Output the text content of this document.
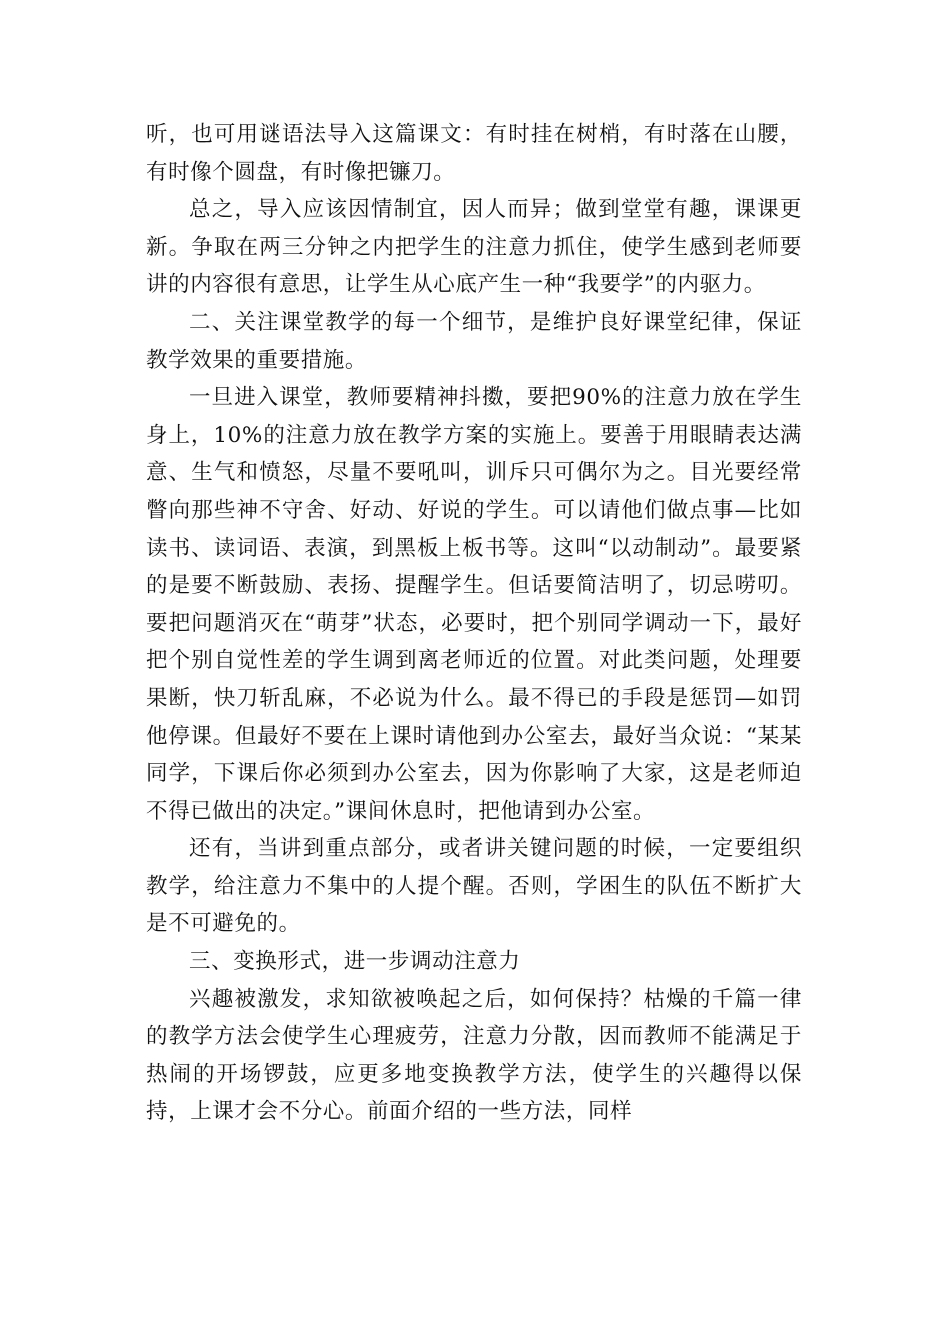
听，也可用谜语法导入这篇课文：有时挂在树梢，有时落在山腰，有时像个圆盘，有时像把镰刀。

总之，导入应该因情制宜，因人而异；做到堂堂有趣，课课更新。争取在两三分钟之内把学生的注意力抓住，使学生感到老师要讲的内容很有意思，让学生从心底产生一种“我要学”的内驱力。

二、关注课堂教学的每一个细节，是维护良好课堂纪律，保证教学效果的重要措施。

一旦进入课堂，教师要精神抖擞，要把90%的注意力放在学生身上，10%的注意力放在教学方案的实施上。要善于用眼睛表达满意、生气和愤怒，尽量不要吼叫，训斥只可偶尔为之。目光要经常瞥向那些神不守舍、好动、好说的学生。可以请他们做点事—比如读书、读词语、表演，到黑板上板书等。这叫“以动制动”。最要紧的是要不断鼓励、表扬、提醒学生。但话要简洁明了，切忌唠叨。要把问题消灭在“萌芽”状态，必要时，把个别同学调动一下，最好把个别自觉性差的学生调到离老师近的位置。对此类问题，处理要果断，快刀斩乱麻，不必说为什么。最不得已的手段是惩罚—如罚他停课。但最好不要在上课时请他到办公室去，最好当众说：“某某同学，下课后你必须到办公室去，因为你影响了大家，这是老师迫不得已做出的决定。”课间休息时，把他请到办公室。

还有，当讲到重点部分，或者讲关键问题的时候，一定要组织教学，给注意力不集中的人提个醒。否则，学困生的队伍不断扩大是不可避免的。

三、变换形式，进一步调动注意力

兴趣被激发，求知欲被唤起之后，如何保持？枯燥的千篇一律的教学方法会使学生心理疲劳，注意力分散，因而教师不能满足于热闹的开场锣鼓，应更多地变换教学方法，使学生的兴趣得以保持，上课才会不分心。前面介绍的一些方法，同样
